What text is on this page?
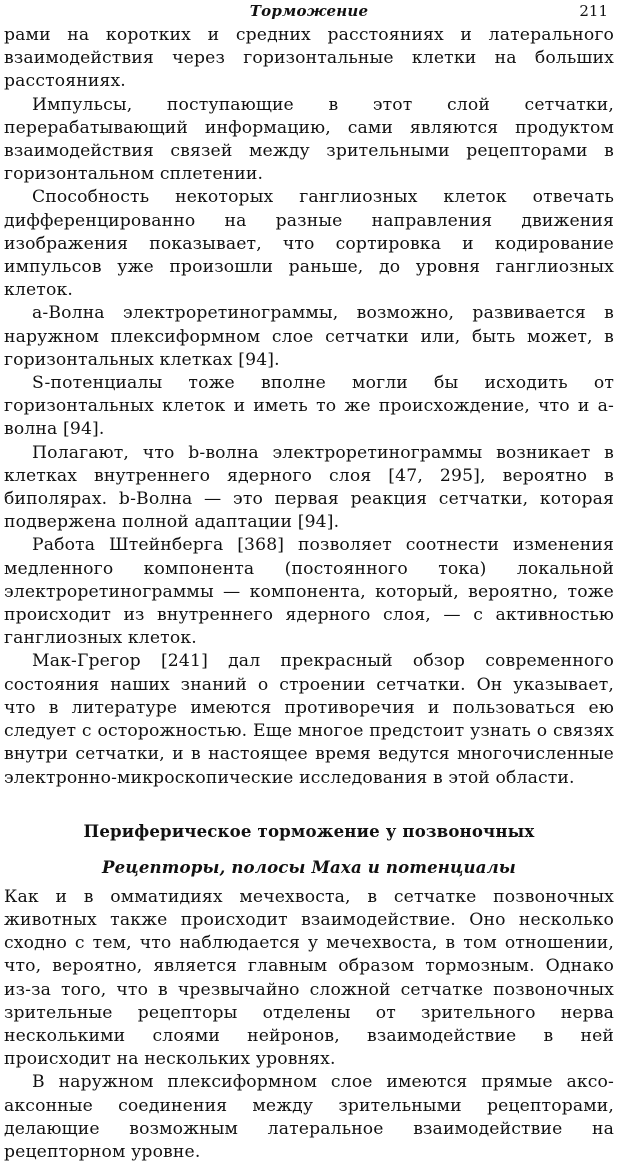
Торможение	211

рами на коротких и средних расстояниях и латерального взаимодействия через горизонтальные клетки на больших расстояниях.

Импульсы, поступающие в этот слой сетчатки, перерабатывающий информацию, сами являются продуктом взаимодействия связей между зрительными рецепторами в горизонтальном сплетении.

Способность некоторых ганглиозных клеток отвечать дифференцированно на разные направления движения изображения показывает, что сортировка и кодирование импульсов уже произошли раньше, до уровня ганглиозных клеток.

a-Волна электроретинограммы, возможно, развивается в наружном плексиформном слое сетчатки или, быть может, в горизонтальных клетках [94].

S-потенциалы тоже вполне могли бы исходить от горизонтальных клеток и иметь то же происхождение, что и a-волна [94].

Полагают, что b-волна электроретинограммы возникает в клетках внутреннего ядерного слоя [47, 295], вероятно в биполярах. b-Волна — это первая реакция сетчатки, которая подвержена полной адаптации [94].

Работа Штейнберга [368] позволяет соотнести изменения медленного компонента (постоянного тока) локальной электроретинограммы — компонента, который, вероятно, тоже происходит из внутреннего ядерного слоя, — с активностью ганглиозных клеток.

Мак-Грегор [241] дал прекрасный обзор современного состояния наших знаний о строении сетчатки. Он указывает, что в литературе имеются противоречия и пользоваться ею следует с осторожностью. Еще многое предстоит узнать о связях внутри сетчатки, и в настоящее время ведутся многочисленные электронно-микроскопические исследования в этой области.

Периферическое торможение у позвоночных
Рецепторы, полосы Маха и потенциалы

Как и в омматидиях мечехвоста, в сетчатке позвоночных животных также происходит взаимодействие. Оно несколько сходно с тем, что наблюдается у мечехвоста, в том отношении, что, вероятно, является главным образом тормозным. Однако из-за того, что в чрезвычайно сложной сетчатке позвоночных зрительные рецепторы отделены от зрительного нерва несколькими слоями нейронов, взаимодействие в ней происходит на нескольких уровнях.

В наружном плексиформном слое имеются прямые аксо-аксонные соединения между зрительными рецепторами, делающие возможным латеральное взаимодействие на рецепторном уровне.
